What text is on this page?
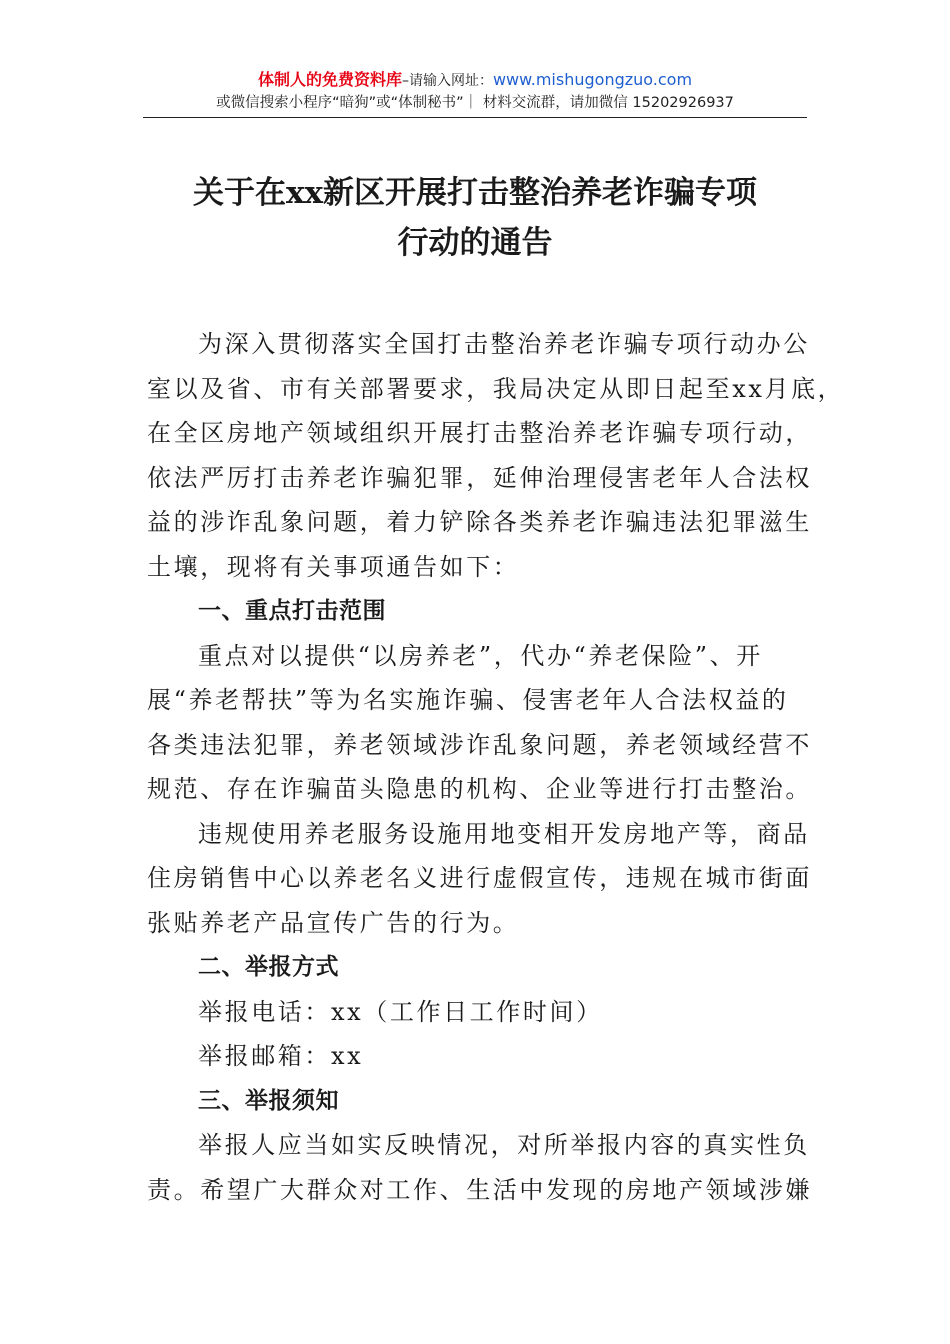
体制人的免费资料库–请输入网址：www.mishugongzuo.com
或微信搜索小程序“暗狗”或“体制秘书”｜ 材料交流群，请加微信 15202926937
关于在xx新区开展打击整治养老诈骗专项
行动的通告
为深入贯彻落实全国打击整治养老诈骗专项行动办公
室以及省、市有关部署要求，我局决定从即日起至xx月底，
在全区房地产领域组织开展打击整治养老诈骗专项行动，
依法严厉打击养老诈骗犯罪，延伸治理侵害老年人合法权
益的涉诈乱象问题，着力铲除各类养老诈骗违法犯罪滋生
土壤，现将有关事项通告如下：
一、重点打击范围
重点对以提供“以房养老”，代办“养老保险”、开
展“养老帮扶”等为名实施诈骗、侵害老年人合法权益的
各类违法犯罪，养老领域涉诈乱象问题，养老领域经营不
规范、存在诈骗苗头隐患的机构、企业等进行打击整治。
违规使用养老服务设施用地变相开发房地产等，商品
住房销售中心以养老名义进行虚假宣传，违规在城市街面
张贴养老产品宣传广告的行为。
二、举报方式
举报电话：xx（工作日工作时间）
举报邮箱：xx
三、举报须知
举报人应当如实反映情况，对所举报内容的真实性负
责。希望广大群众对工作、生活中发现的房地产领域涉嫌
